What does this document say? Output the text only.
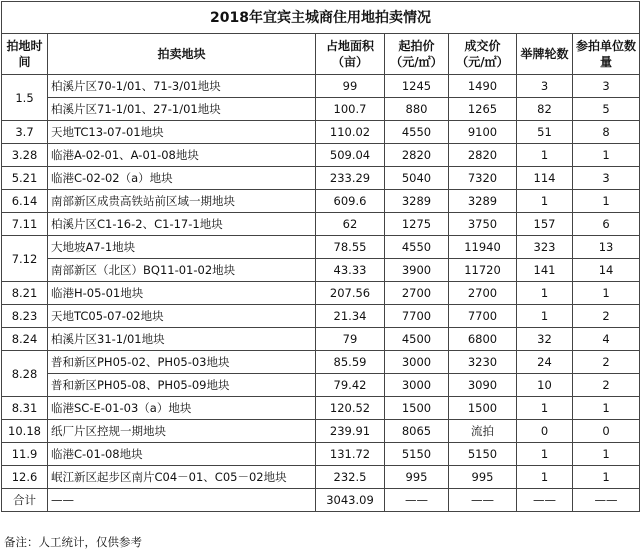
2018年宜宾主城商住用地拍卖情况						
拍地时间	拍卖地块	占地面积（亩）	起拍价（元/㎡）	成交价（元/㎡）	举牌轮数	参拍单位数量
1.5	柏溪片区70-1/01、71-3/01地块	99	1245	1490	3	3
	柏溪片区71-1/01、27-1/01地块	100.7	880	1265	82	5
3.7	天地TC13-07-01地块	110.02	4550	9100	51	8
3.28	临港A-02-01、A-01-08地块	509.04	2820	2820	1	1
5.21	临港C-02-02（a）地块	233.29	5040	7320	114	3
6.14	南部新区成贵高铁站前区域一期地块	609.6	3289	3289	1	1
7.11	柏溪片区C1-16-2、C1-17-1地块	62	1275	3750	157	6
7.12	大地坡A7-1地块	78.55	4550	11940	323	13
	南部新区（北区）BQ11-01-02地块	43.33	3900	11720	141	14
8.21	临港H-05-01地块	207.56	2700	2700	1	1
8.23	天地TC05-07-02地块	21.34	7700	7700	1	2
8.24	柏溪片区31-1/01地块	79	4500	6800	32	4
8.28	普和新区PH05-02、PH05-03地块	85.59	3000	3230	24	2
	普和新区PH05-08、PH05-09地块	79.42	3000	3090	10	2
8.31	临港SC-E-01-03（a）地块	120.52	1500	1500	1	1
10.18	纸厂片区控规一期地块	239.91	8065	流拍	0	0
11.9	临港C-01-08地块	131.72	5150	5150	1	1
12.6	岷江新区起步区南片C04－01、C05－02地块	232.5	995	995	1	1
合计	——	3043.09	——	——	——	——
备注：人工统计，仅供参考
